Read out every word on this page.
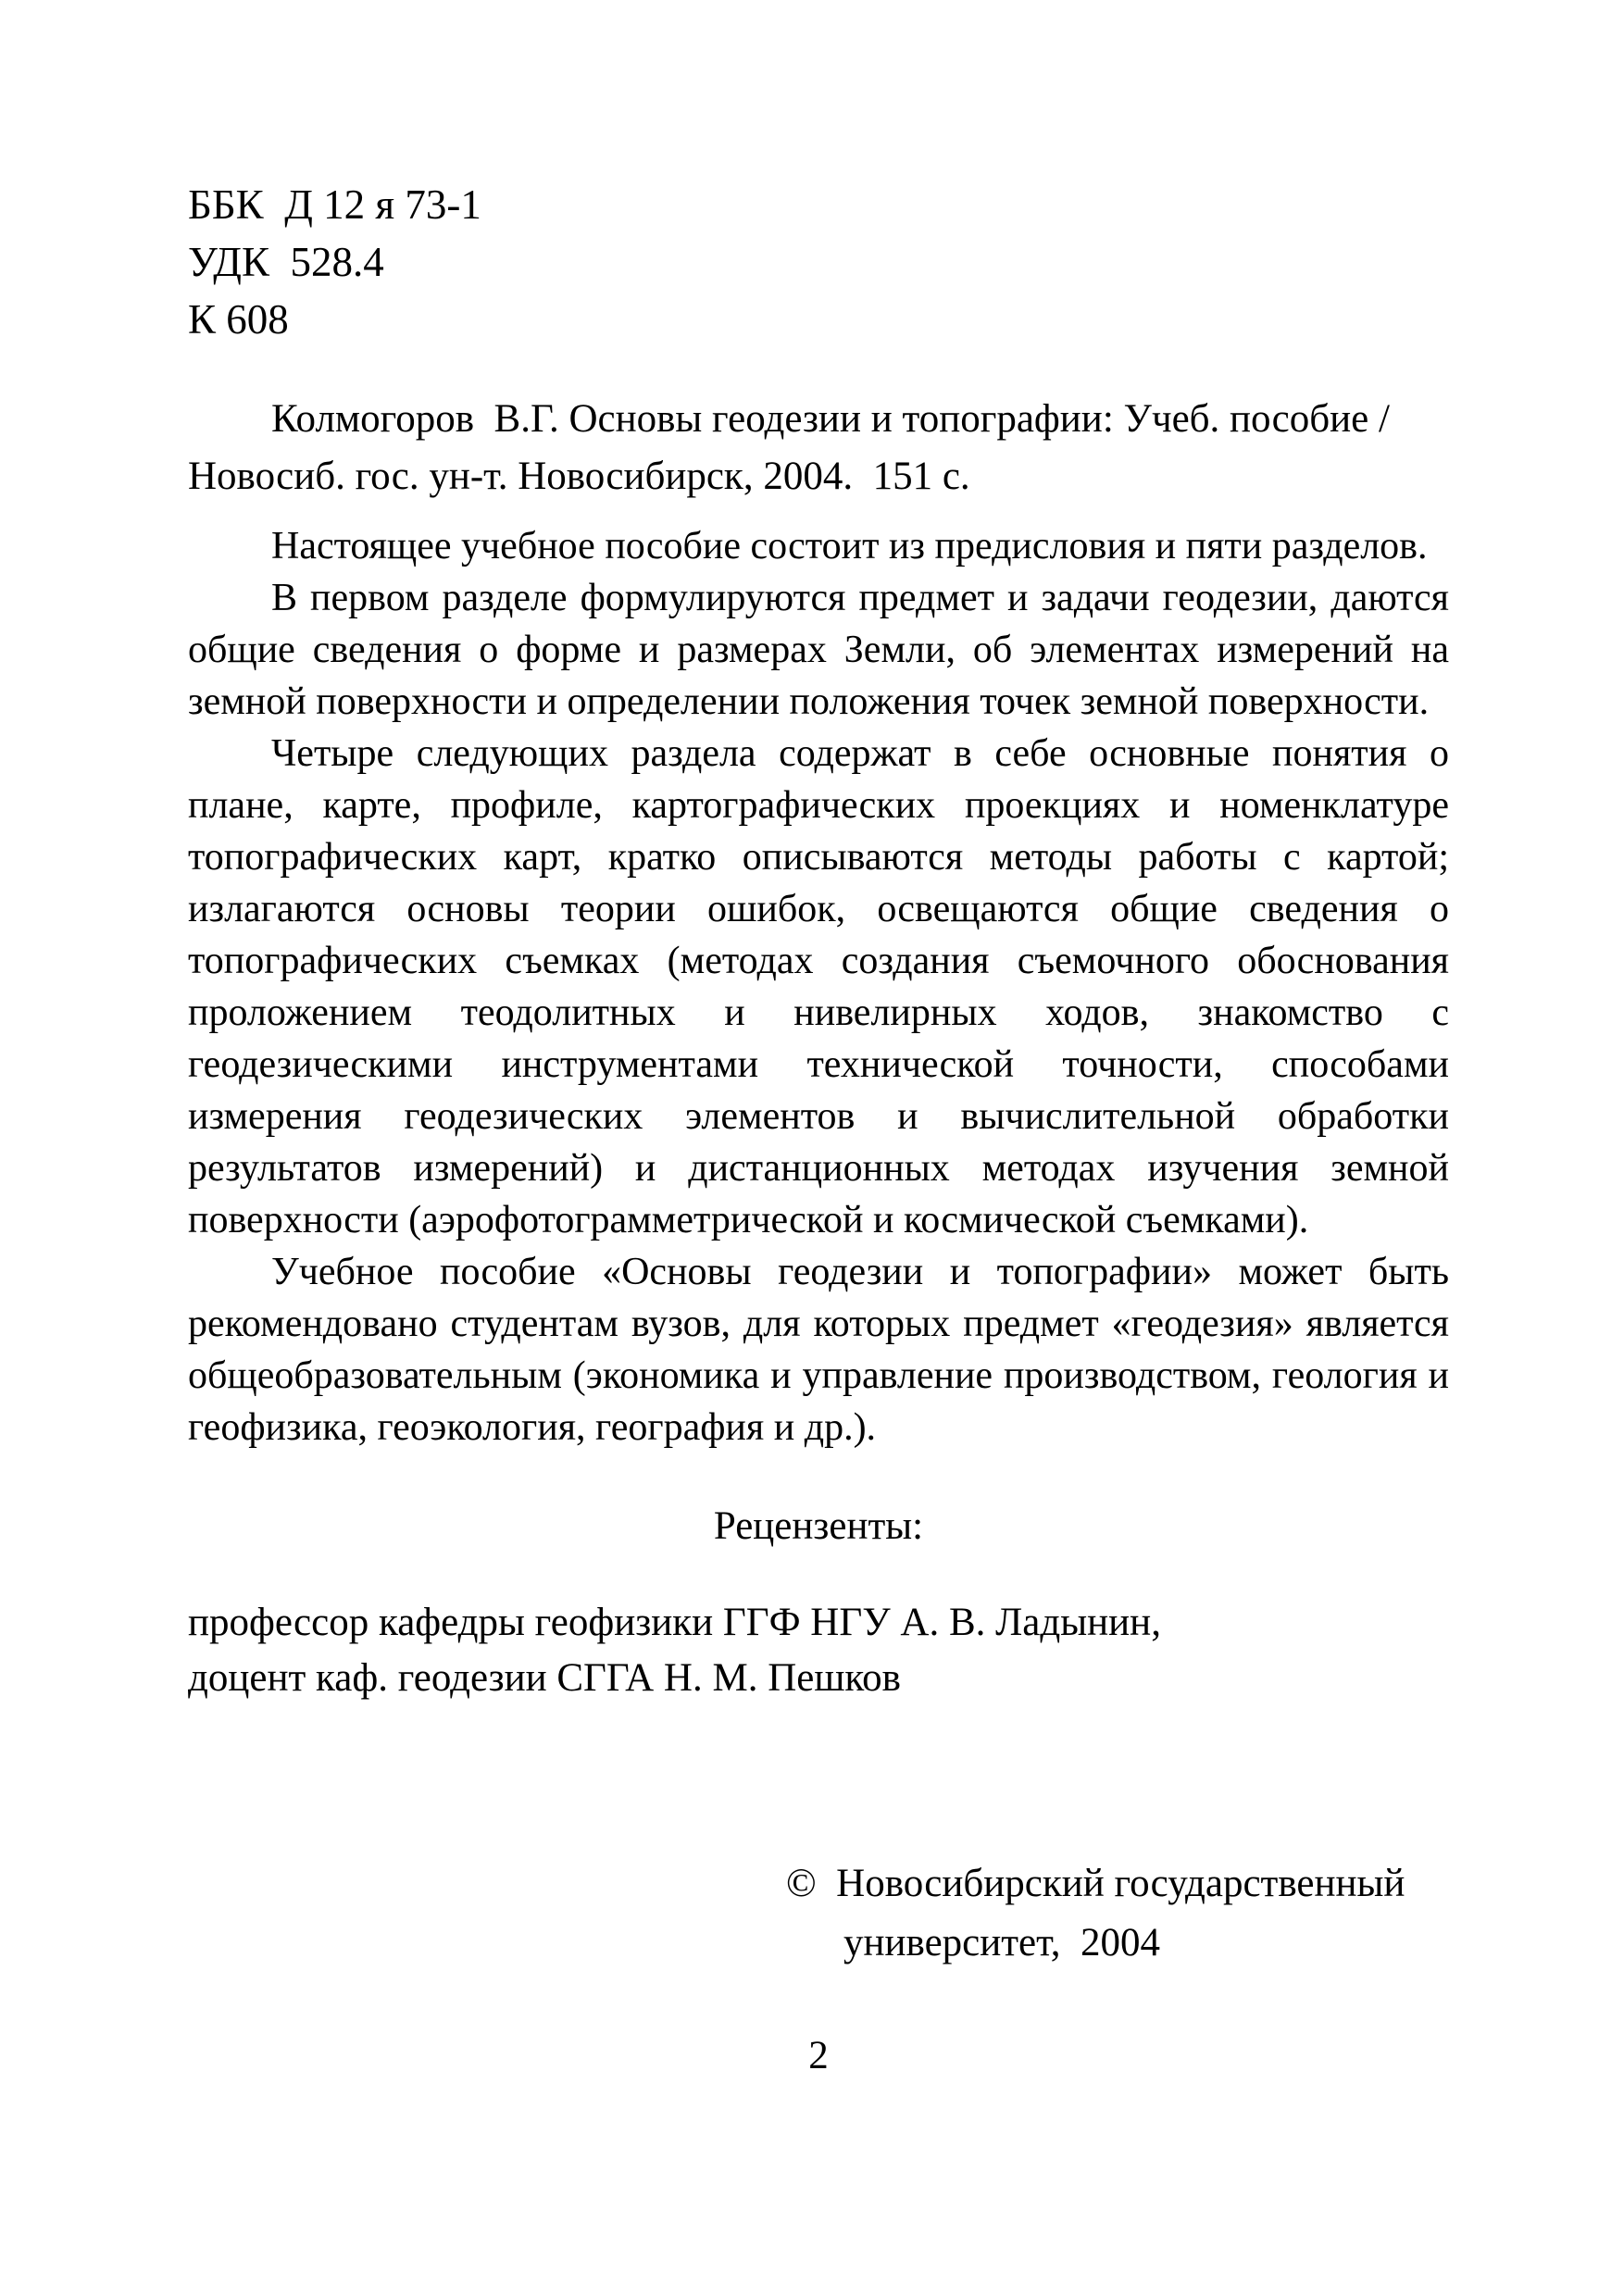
ББК  Д 12 я 73-1
УДК  528.4
К 608
Колмогоров  В.Г. Основы геодезии и топографии: Учеб. пособие /
Новосиб. гос. ун-т. Новосибирск, 2004.  151 с.

Настоящее учебное пособие состоит из предисловия и пяти разделов.

В первом разделе формулируются предмет и задачи геодезии, даются общие сведения о форме и размерах Земли, об элементах измерений на земной поверхности и определении положения точек земной поверхности.

Четыре следующих раздела содержат в себе основные понятия о плане, карте, профиле, картографических проекциях и номенклатуре топографических карт, кратко описываются методы работы с картой; излагаются основы теории ошибок, освещаются общие сведения о топографических съемках (методах создания съемочного обоснования проложением теодолитных и нивелирных ходов, знакомство с геодезическими инструментами технической точности, способами измерения геодезических элементов и вычислительной обработки результатов измерений) и дистанционных методах изучения земной поверхности (аэрофотограмметрической и космической съемками).

Учебное пособие «Основы геодезии и топографии» может быть рекомендовано студентам вузов, для которых предмет «геодезия» является общеобразовательным (экономика и управление производством, геология и геофизика, геоэкология, география и др.).

Рецензенты:
профессор кафедры геофизики ГГФ НГУ А. В. Ладынин,
доцент каф. геодезии СГГА Н. М. Пешков
©  Новосибирский государственный
университет,  2004
2
